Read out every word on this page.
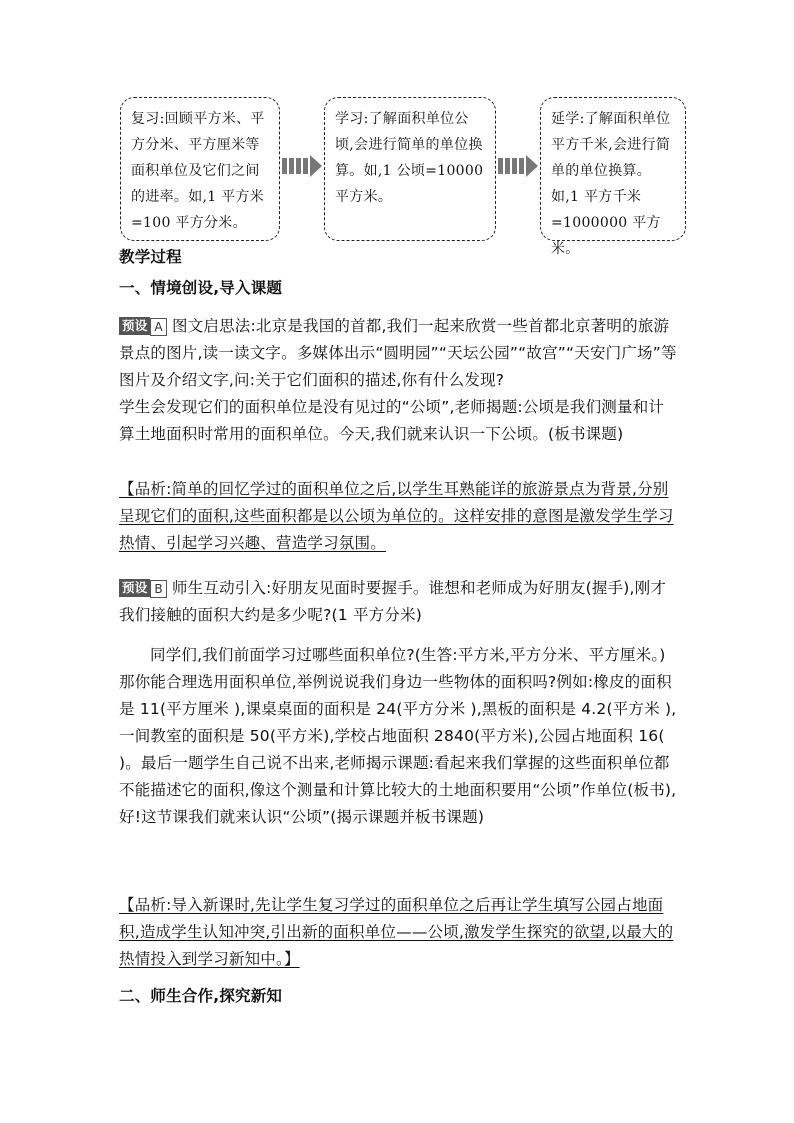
复习:回顾平方米、平方分米、平方厘米等面积单位及它们之间的进率。如,1 平方米 =100 平方分米。
学习:了解面积单位公顷,会进行简单的单位换算。如,1 公顷=10000 平方米。
延学:了解面积单位平方千米,会进行简单的单位换算。如,1 平方千米 =1000000 平方米。
教学过程
一、情境创设,导入课题
预设 A 图文启思法:北京是我国的首都,我们一起来欣赏一些首都北京著明的旅游景点的图片,读一读文字。多媒体出示“圆明园”“天坛公园”“故宫”“天安门广场”等图片及介绍文字,问:关于它们面积的描述,你有什么发现?
学生会发现它们的面积单位是没有见过的“公顷”,老师揭题:公顷是我们测量和计算土地面积时常用的面积单位。今天,我们就来认识一下公顷。(板书课题)
【品析:简单的回忆学过的面积单位之后,以学生耳熟能详的旅游景点为背景,分别呈现它们的面积,这些面积都是以公顷为单位的。这样安排的意图是激发学生学习热情、引起学习兴趣、营造学习氛围。
预设 B 师生互动引入:好朋友见面时要握手。谁想和老师成为好朋友(握手),刚才我们接触的面积大约是多少呢?(1 平方分米)
同学们,我们前面学习过哪些面积单位?(生答:平方米,平方分米、平方厘米。)那你能合理选用面积单位,举例说说我们身边一些物体的面积吗?例如:橡皮的面积是 11(平方厘米 ),课桌桌面的面积是 24(平方分米 ),黑板的面积是 4.2(平方米 ),一间教室的面积是 50(平方米),学校占地面积 2840(平方米),公园占地面积 16( )。最后一题学生自己说不出来,老师揭示课题:看起来我们掌握的这些面积单位都不能描述它的面积,像这个测量和计算比较大的土地面积要用“公顷”作单位(板书),好!这节课我们就来认识“公顷”(揭示课题并板书课题)
【品析:导入新课时,先让学生复习学过的面积单位之后再让学生填写公园占地面积,造成学生认知冲突,引出新的面积单位——公顷,激发学生探究的欲望,以最大的热情投入到学习新知中。】
二、师生合作,探究新知
